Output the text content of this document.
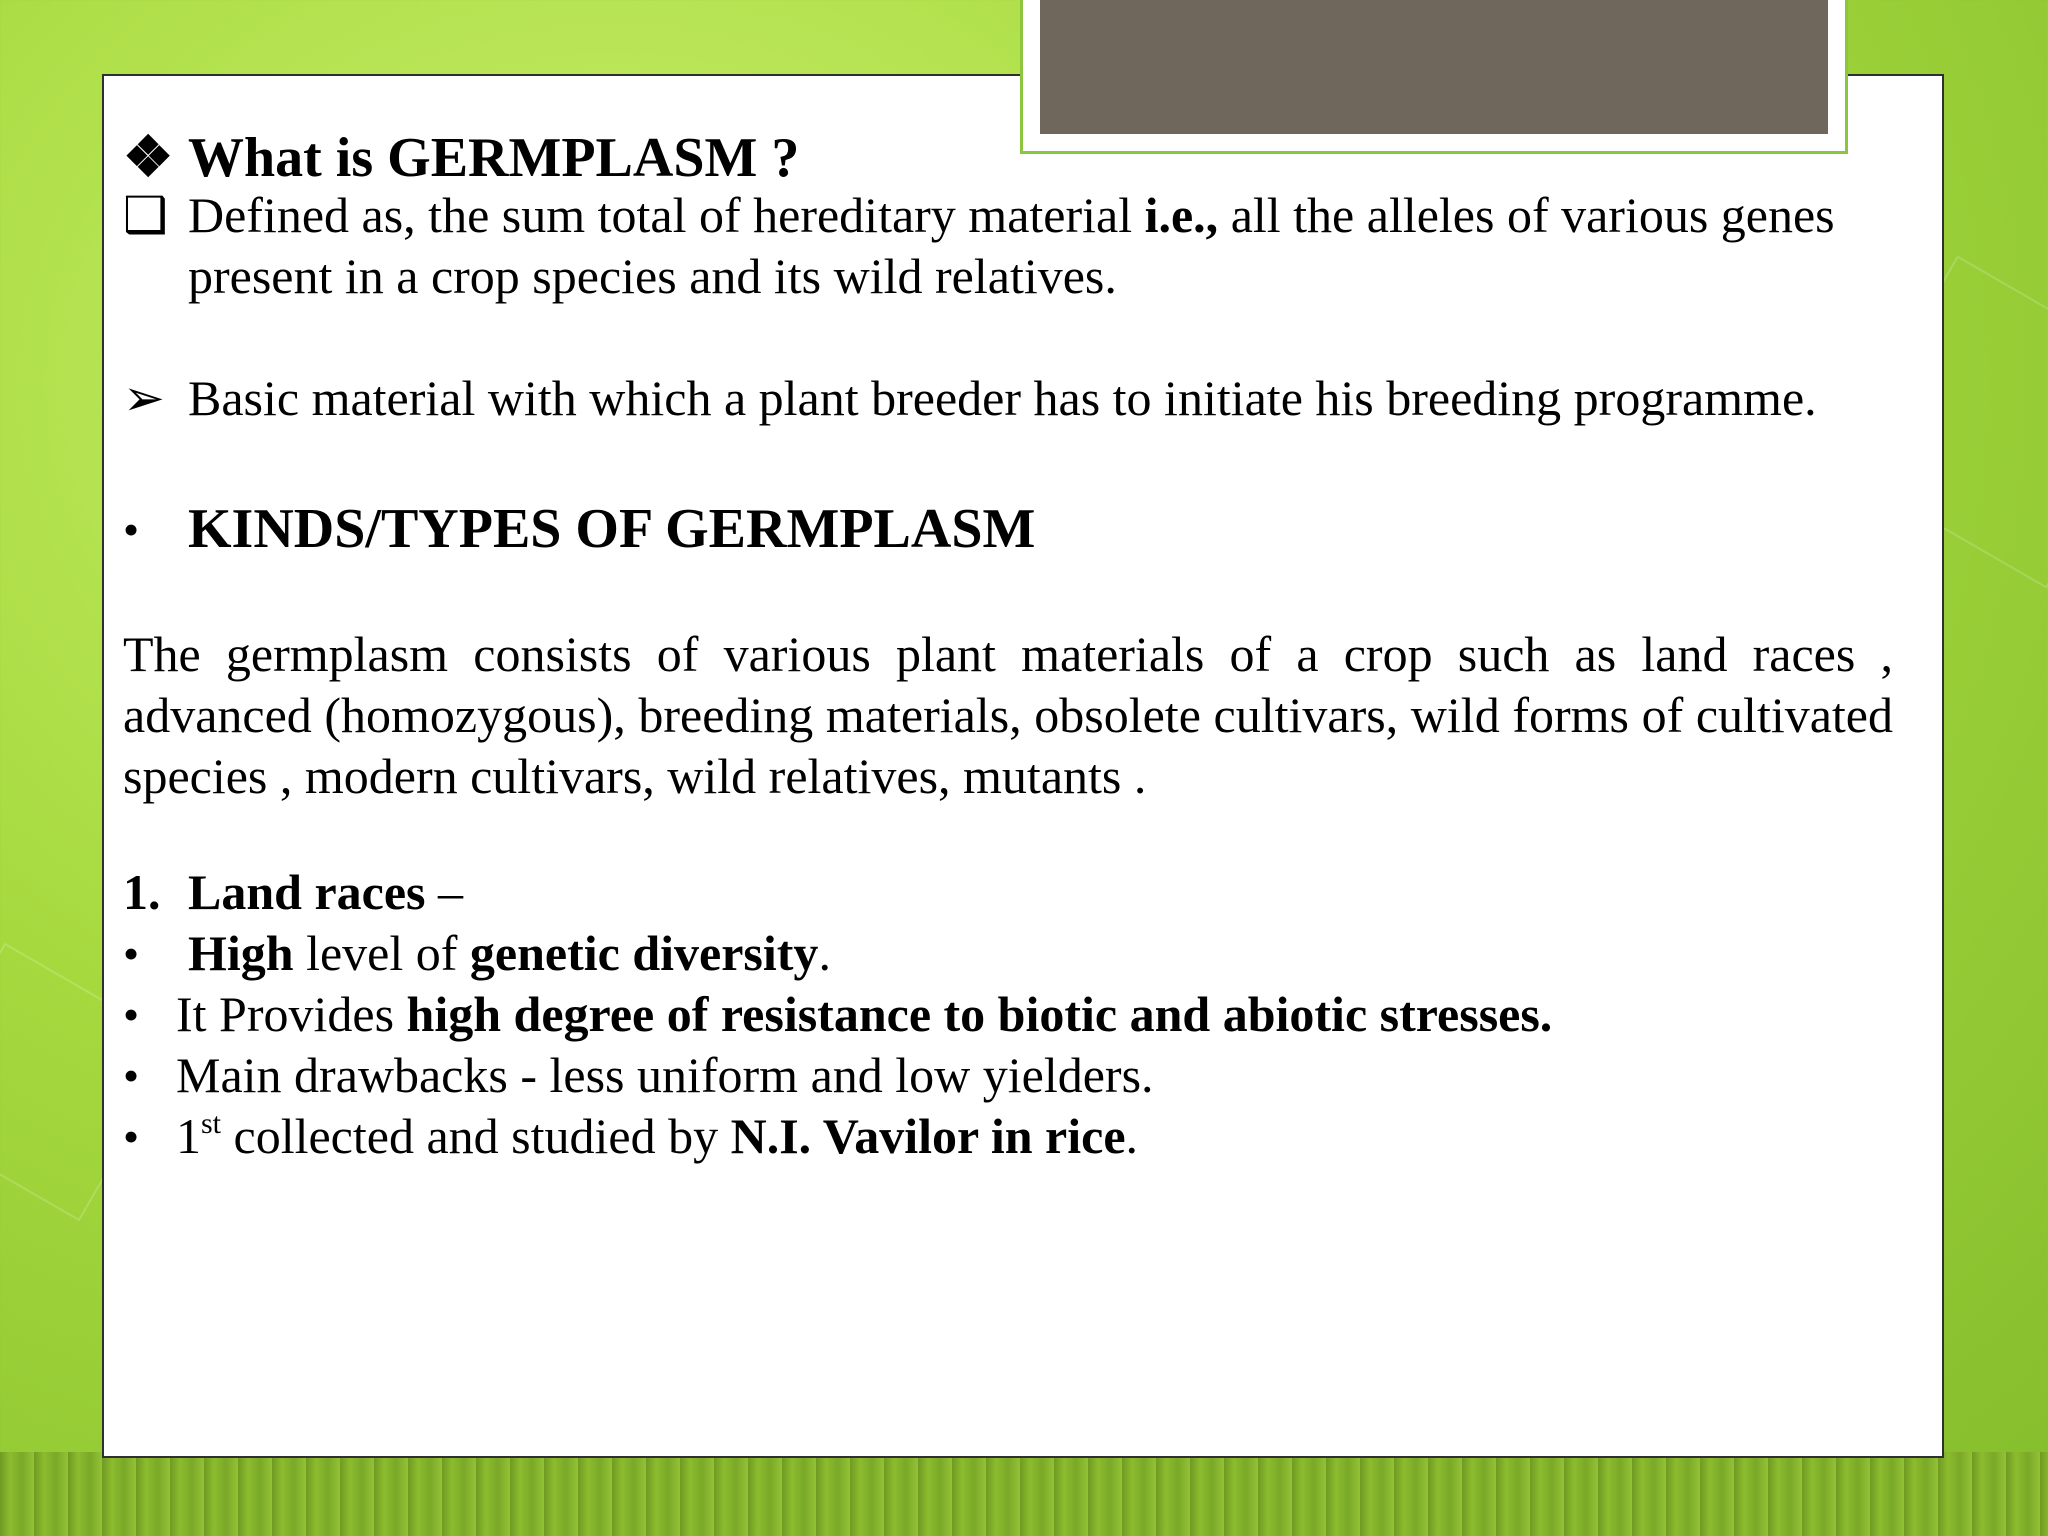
❖ What is GERMPLASM ?
❑ Defined as, the sum total of hereditary material i.e., all the alleles of various genes present in a crop species and its wild relatives.
➢ Basic material with which a plant breeder has to initiate his breeding programme.
• KINDS/TYPES OF GERMPLASM
The germplasm consists of various plant materials of a crop such as land races , advanced (homozygous), breeding materials, obsolete cultivars, wild forms of cultivated species , modern cultivars, wild relatives, mutants .
1. Land races –
• High level of genetic diversity.
• It Provides high degree of resistance to biotic and abiotic stresses.
• Main drawbacks - less uniform and low yielders.
• 1st collected and studied by N.I. Vavilor in rice.
